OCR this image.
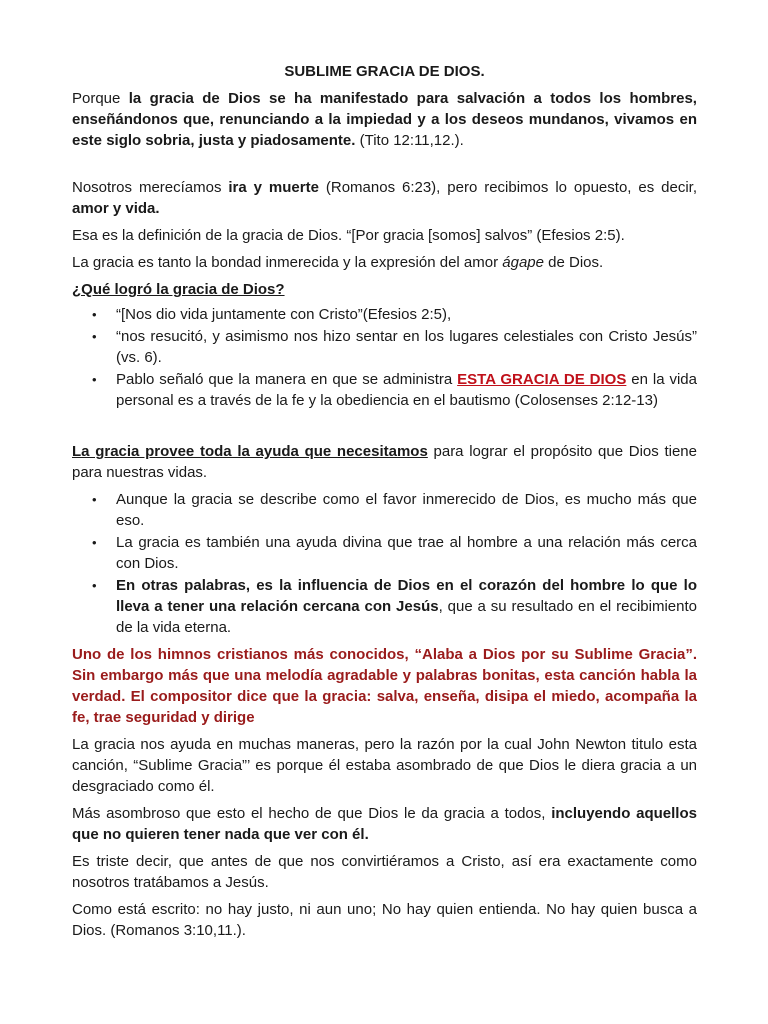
SUBLIME GRACIA DE DIOS.

Porque la gracia de Dios se ha manifestado para salvación a todos los hombres, enseñándonos que, renunciando a la impiedad y a los deseos mundanos, vivamos en este siglo sobria, justa y piadosamente. (Tito 12:11,12.).

Nosotros merecíamos ira y muerte (Romanos 6:23), pero recibimos lo opuesto, es decir, amor y vida.

Esa es la definición de la gracia de Dios. “[Por gracia [somos] salvos” (Efesios 2:5).

La gracia es tanto la bondad inmerecida y la expresión del amor ágape de Dios.

¿Qué logró la gracia de Dios?
• “[Nos dio vida juntamente con Cristo”(Efesios 2:5),
• “nos resucitó, y asimismo nos hizo sentar en los lugares celestiales con Cristo Jesús” (vs. 6).
• Pablo señaló que la manera en que se administra ESTA GRACIA DE DIOS en la vida personal es a través de la fe y la obediencia en el bautismo (Colosenses 2:12-13)

La gracia provee toda la ayuda que necesitamos para lograr el propósito que Dios tiene para nuestras vidas.

• Aunque la gracia se describe como el favor inmerecido de Dios, es mucho más que eso.
• La gracia es también una ayuda divina que trae al hombre a una relación más cerca con Dios.
• En otras palabras, es la influencia de Dios en el corazón del hombre lo que lo lleva a tener una relación cercana con Jesús, que a su resultado en el recibimiento de la vida eterna.

Uno de los himnos cristianos más conocidos, “Alaba a Dios por su Sublime Gracia”. Sin embargo más que una melodía agradable y palabras bonitas, esta canción habla la verdad. El compositor dice que la gracia: salva, enseña, disipa el miedo, acompaña la fe, trae seguridad y dirige

La gracia nos ayuda en muchas maneras, pero la razón por la cual John Newton titulo esta canción, “Sublime Gracia”’ es porque él estaba asombrado de que Dios le diera gracia a un desgraciado como él.

Más asombroso que esto el hecho de que Dios le da gracia a todos, incluyendo aquellos que no quieren tener nada que ver con él.

Es triste decir, que antes de que nos convirtiéramos a Cristo, así era exactamente como nosotros tratábamos a Jesús.

Como está escrito: no hay justo, ni aun uno; No hay quien entienda. No hay quien busca a Dios. (Romanos 3:10,11.).
